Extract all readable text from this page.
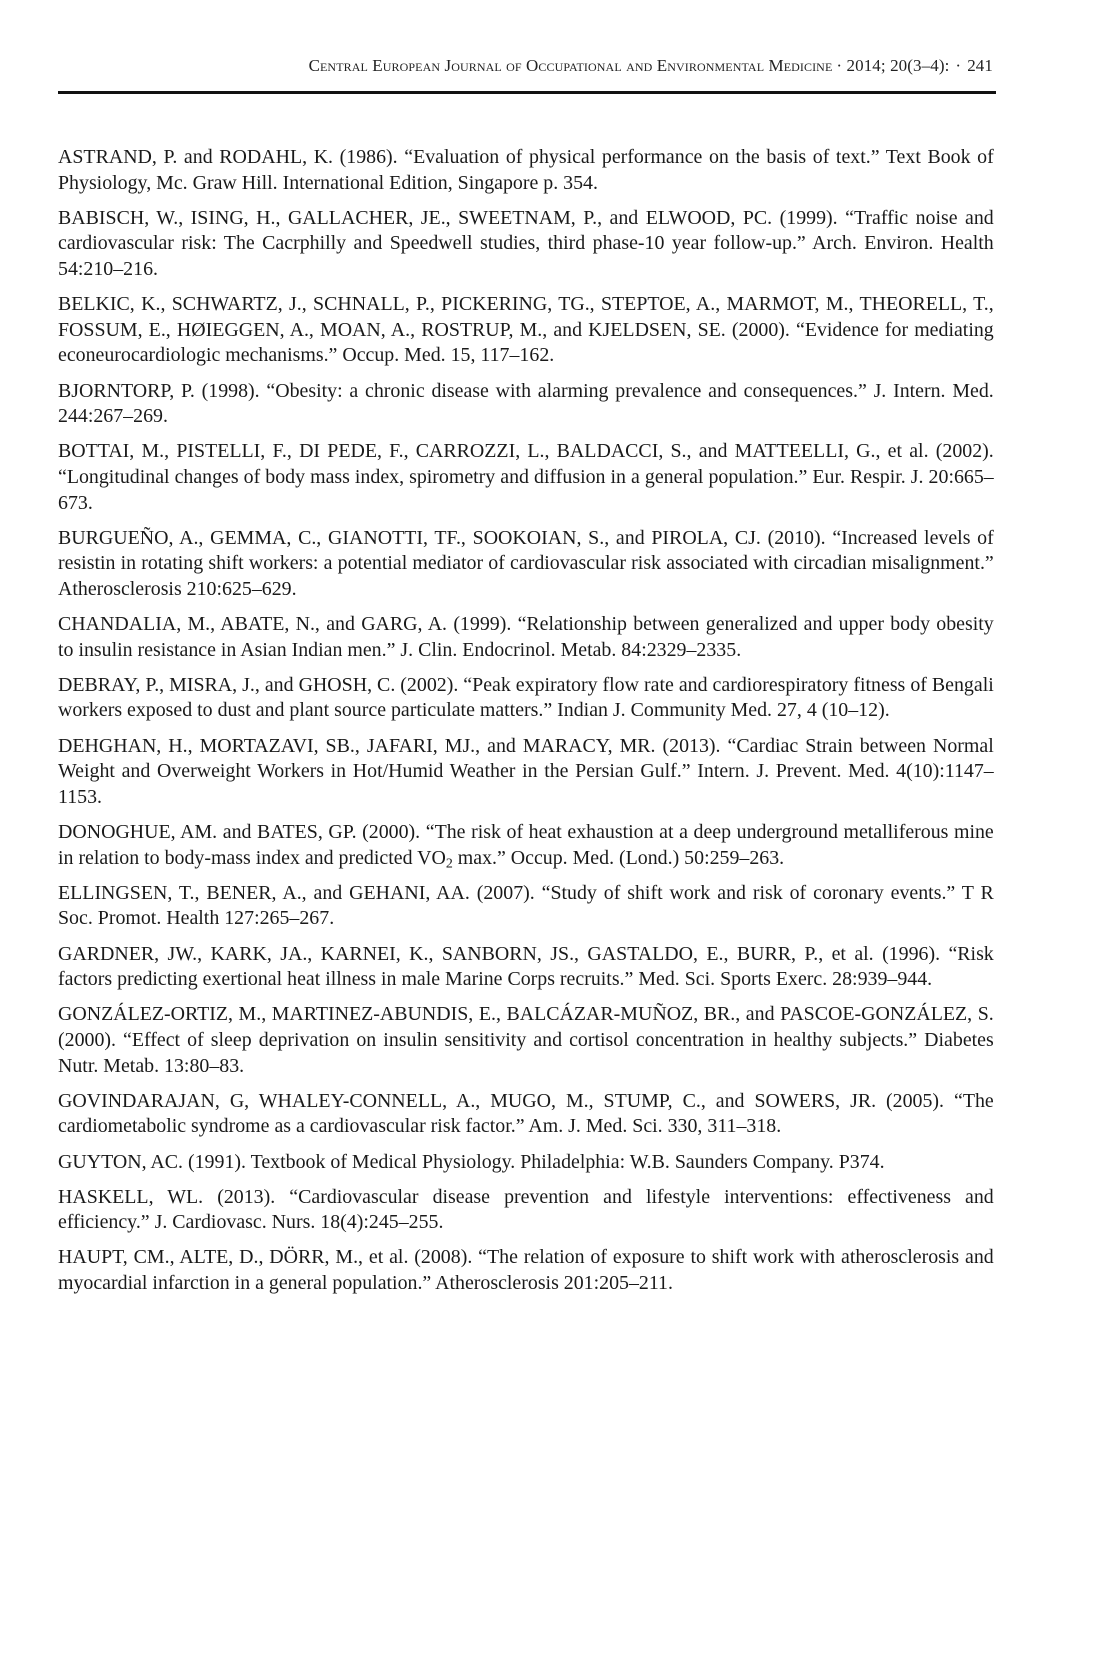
Central European Journal of Occupational and Environmental Medicine · 2014; 20(3–4): · 241

ASTRAND, P. and RODAHL, K. (1986). “Evaluation of physical performance on the basis of text.” Text Book of Physiology, Mc. Graw Hill. International Edition, Singapore p. 354.

BABISCH, W., ISING, H., GALLACHER, JE., SWEETNAM, P., and ELWOOD, PC. (1999). “Traffic noise and cardiovascular risk: The Cacrphilly and Speedwell studies, third phase-10 year follow-up.” Arch. Environ. Health 54:210–216.

BELKIC, K., SCHWARTZ, J., SCHNALL, P., PICKERING, TG., STEPTOE, A., MARMOT, M., THEORELL, T., FOSSUM, E., HØIEGGEN, A., MOAN, A., ROSTRUP, M., and KJELDSEN, SE. (2000). “Evidence for mediating econeurocardiologic mechanisms.” Occup. Med. 15, 117–162.

BJORNTORP, P. (1998). “Obesity: a chronic disease with alarming prevalence and consequences.” J. Intern. Med. 244:267–269.

BOTTAI, M., PISTELLI, F., DI PEDE, F., CARROZZI, L., BALDACCI, S., and MATTEELLI, G., et al. (2002). “Longitudinal changes of body mass index, spirometry and diffusion in a general population.” Eur. Respir. J. 20:665–673.

BURGUEÑO, A., GEMMA, C., GIANOTTI, TF., SOOKOIAN, S., and PIROLA, CJ. (2010). “Increased levels of resistin in rotating shift workers: a potential mediator of cardiovascular risk associated with circadian misalignment.” Atherosclerosis 210:625–629.

CHANDALIA, M., ABATE, N., and GARG, A. (1999). “Relationship between generalized and upper body obesity to insulin resistance in Asian Indian men.” J. Clin. Endocrinol. Metab. 84:2329–2335.

DEBRAY, P., MISRA, J., and GHOSH, C. (2002). “Peak expiratory flow rate and cardiorespiratory fitness of Bengali workers exposed to dust and plant source particulate matters.” Indian J. Community Med. 27, 4 (10–12).

DEHGHAN, H., MORTAZAVI, SB., JAFARI, MJ., and MARACY, MR. (2013). “Cardiac Strain between Normal Weight and Overweight Workers in Hot/Humid Weather in the Persian Gulf.” Intern. J. Prevent. Med. 4(10):1147–1153.

DONOGHUE, AM. and BATES, GP. (2000). “The risk of heat exhaustion at a deep underground metalliferous mine in relation to body-mass index and predicted $VO_2$ max.” Occup. Med. (Lond.) 50:259–263.

ELLINGSEN, T., BENER, A., and GEHANI, AA. (2007). “Study of shift work and risk of coronary events.” T R Soc. Promot. Health 127:265–267.

GARDNER, JW., KARK, JA., KARNEI, K., SANBORN, JS., GASTALDO, E., BURR, P., et al. (1996). “Risk factors predicting exertional heat illness in male Marine Corps recruits.” Med. Sci. Sports Exerc. 28:939–944.

GONZÁLEZ-ORTIZ, M., MARTINEZ-ABUNDIS, E., BALCÁZAR-MUÑOZ, BR., and PASCOE-GONZÁLEZ, S. (2000). “Effect of sleep deprivation on insulin sensitivity and cortisol concentration in healthy subjects.” Diabetes Nutr. Metab. 13:80–83.

GOVINDARAJAN, G, WHALEY-CONNELL, A., MUGO, M., STUMP, C., and SOWERS, JR. (2005). “The cardiometabolic syndrome as a cardiovascular risk factor.” Am. J. Med. Sci. 330, 311–318.

GUYTON, AC. (1991). Textbook of Medical Physiology. Philadelphia: W.B. Saunders Company. P374.

HASKELL, WL. (2013). “Cardiovascular disease prevention and lifestyle interventions: effectiveness and efficiency.” J. Cardiovasc. Nurs. 18(4):245–255.

HAUPT, CM., ALTE, D., DÖRR, M., et al. (2008). “The relation of exposure to shift work with atherosclerosis and myocardial infarction in a general population.” Atherosclerosis 201:205–211.
